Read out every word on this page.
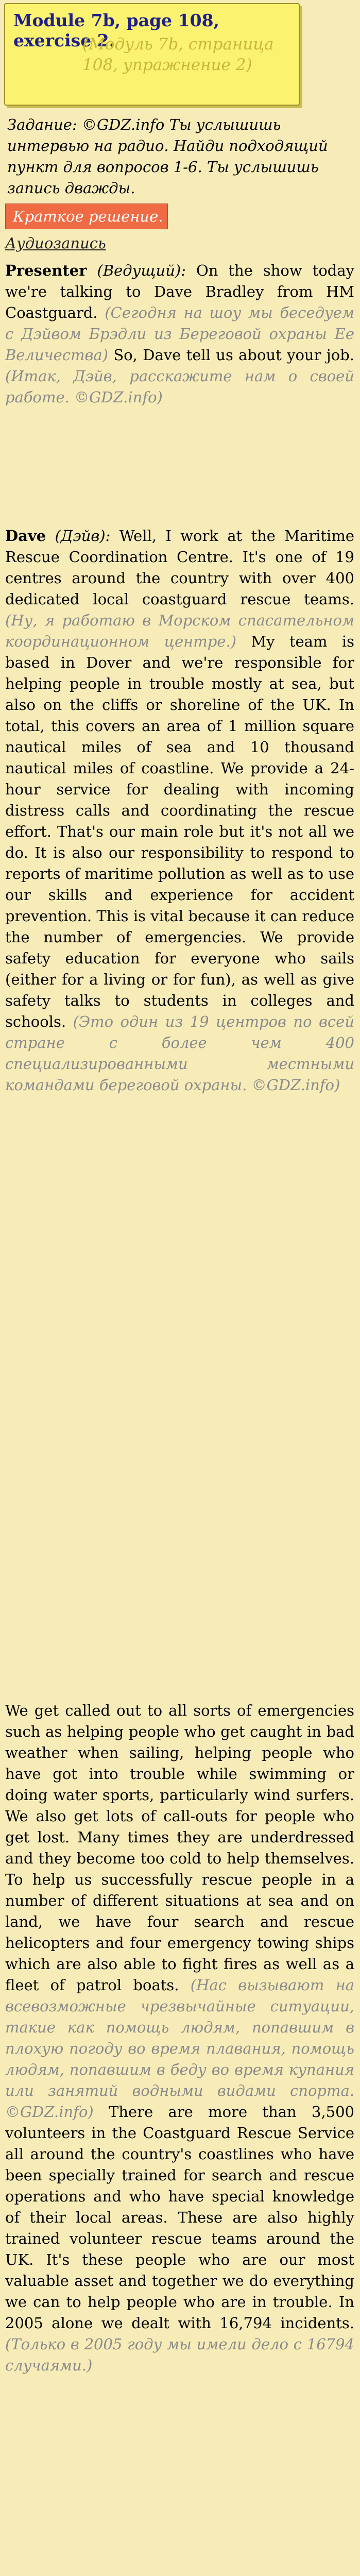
Module 7b, page 108, exercise 2.
(Модуль 7b, страница 108, упражнение 2)
Задание: ©GDZ.info Ты услышишь интервью на радио. Найди подходящий пункт для вопросов 1-6. Ты услышишь запись дважды.
Краткое решение.
Аудиозапись
Presenter (Ведущий): On the show today we're talking to Dave Bradley from HM Coastguard. (Сегодня на шоу мы беседуем с Дэйвом Брэдли из Береговой охраны Ее Величества) So, Dave tell us about your job. (Итак, Дэйв, расскажите нам о своей работе. ©GDZ.info)
Dave (Дэйв): Well, I work at the Maritime Rescue Coordination Centre. It's one of 19 centres around the country with over 400 dedicated local coastguard rescue teams. (Ну, я работаю в Морском спасательном координационном центре.) My team is based in Dover and we're responsible for helping people in trouble mostly at sea, but also on the cliffs or shoreline of the UK. In total, this covers an area of 1 million square nautical miles of sea and 10 thousand nautical miles of coastline. We provide a 24-hour service for dealing with incoming distress calls and coordinating the rescue effort. That's our main role but it's not all we do. It is also our responsibility to respond to reports of maritime pollution as well as to use our skills and experience for accident prevention. This is vital because it can reduce the number of emergencies. We provide safety education for everyone who sails (either for a living or for fun), as well as give safety talks to students in colleges and schools. (Это один из 19 центров по всей стране с более чем 400 специализированными местными командами береговой охраны. ©GDZ.info)
We get called out to all sorts of emergencies such as helping people who get caught in bad weather when sailing, helping people who have got into trouble while swimming or doing water sports, particularly wind surfers. We also get lots of call-outs for people who get lost. Many times they are underdressed and they become too cold to help themselves. To help us successfully rescue people in a number of different situations at sea and on land, we have four search and rescue helicopters and four emergency towing ships which are also able to fight fires as well as a fleet of patrol boats. (Нас вызывают на всевозможные чрезвычайные ситуации, такие как помощь людям, попавшим в плохую погоду во время плавания, помощь людям, попавшим в беду во время купания или занятий водными видами спорта. ©GDZ.info) There are more than 3,500 volunteers in the Coastguard Rescue Service all around the country's coastlines who have been specially trained for search and rescue operations and who have special knowledge of their local areas. These are also highly trained volunteer rescue teams around the UK. It's these people who are our most valuable asset and together we do everything we can to help people who are in trouble. In 2005 alone we dealt with 16,794 incidents. (Только в 2005 году мы имели дело с 16794 случаями.)
